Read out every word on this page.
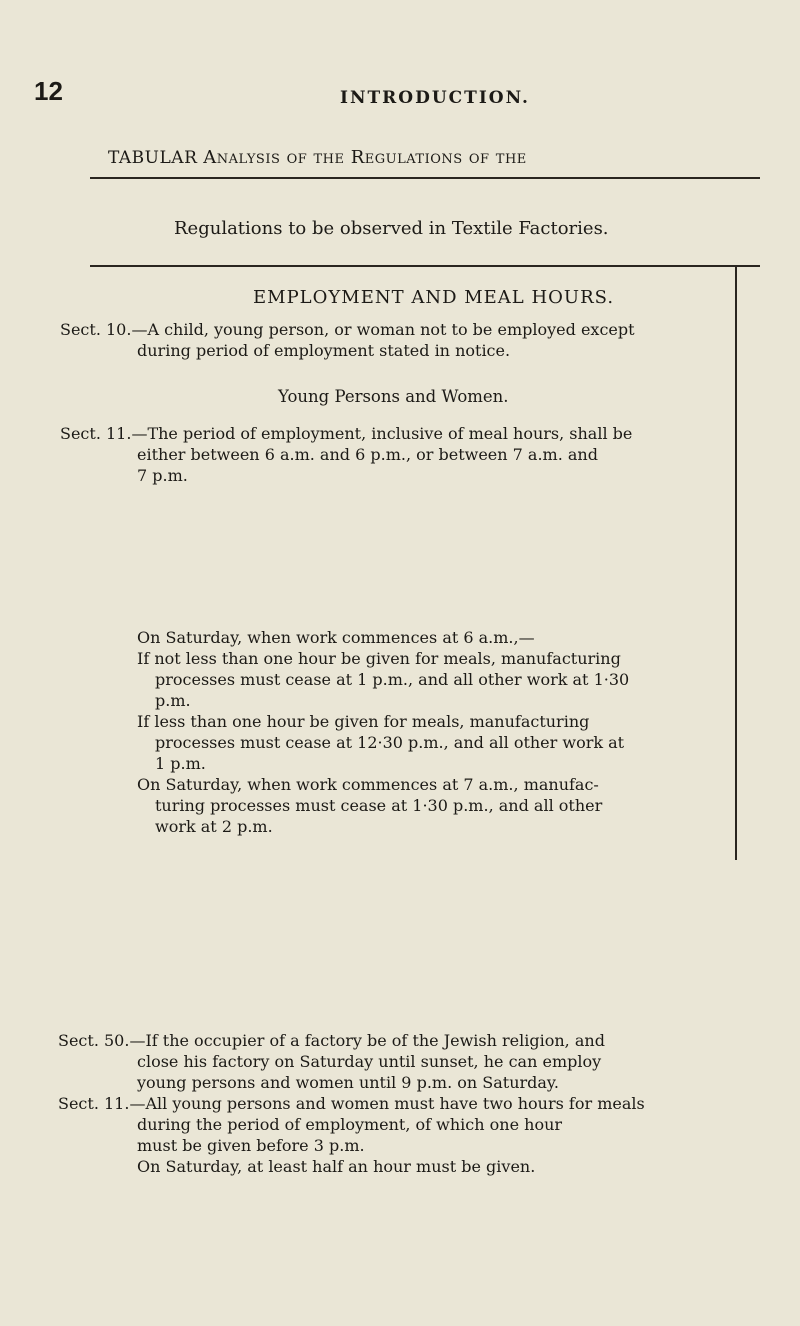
12	INTRODUCTION.
TABULAR Analysis of the Regulations of the
Regulations to be observed in Textile Factories.
EMPLOYMENT AND MEAL HOURS.

Sect. 10.—A child, young person, or woman not to be employed except

during period of employment stated in notice.

Young Persons and Women.

Sect. 11.—The period of employment, inclusive of meal hours, shall be

either between 6 a.m. and 6 p.m., or between 7 a.m. and

7 p.m.

On Saturday, when work commences at 6 a.m.,—

If not less than one hour be given for meals, manufacturing

processes must cease at 1 p.m., and all other work at 1·30

p.m.

If less than one hour be given for meals, manufacturing

processes must cease at 12·30 p.m., and all other work at

1 p.m.

On Saturday, when work commences at 7 a.m., manufac-

turing processes must cease at 1·30 p.m., and all other

work at 2 p.m.

Sect. 50.—If the occupier of a factory be of the Jewish religion, and

close his factory on Saturday until sunset, he can employ

young persons and women until 9 p.m. on Saturday.

Sect. 11.—All young persons and women must have two hours for meals

during the period of employment, of which one hour

must be given before 3 p.m.

On Saturday, at least half an hour must be given.
